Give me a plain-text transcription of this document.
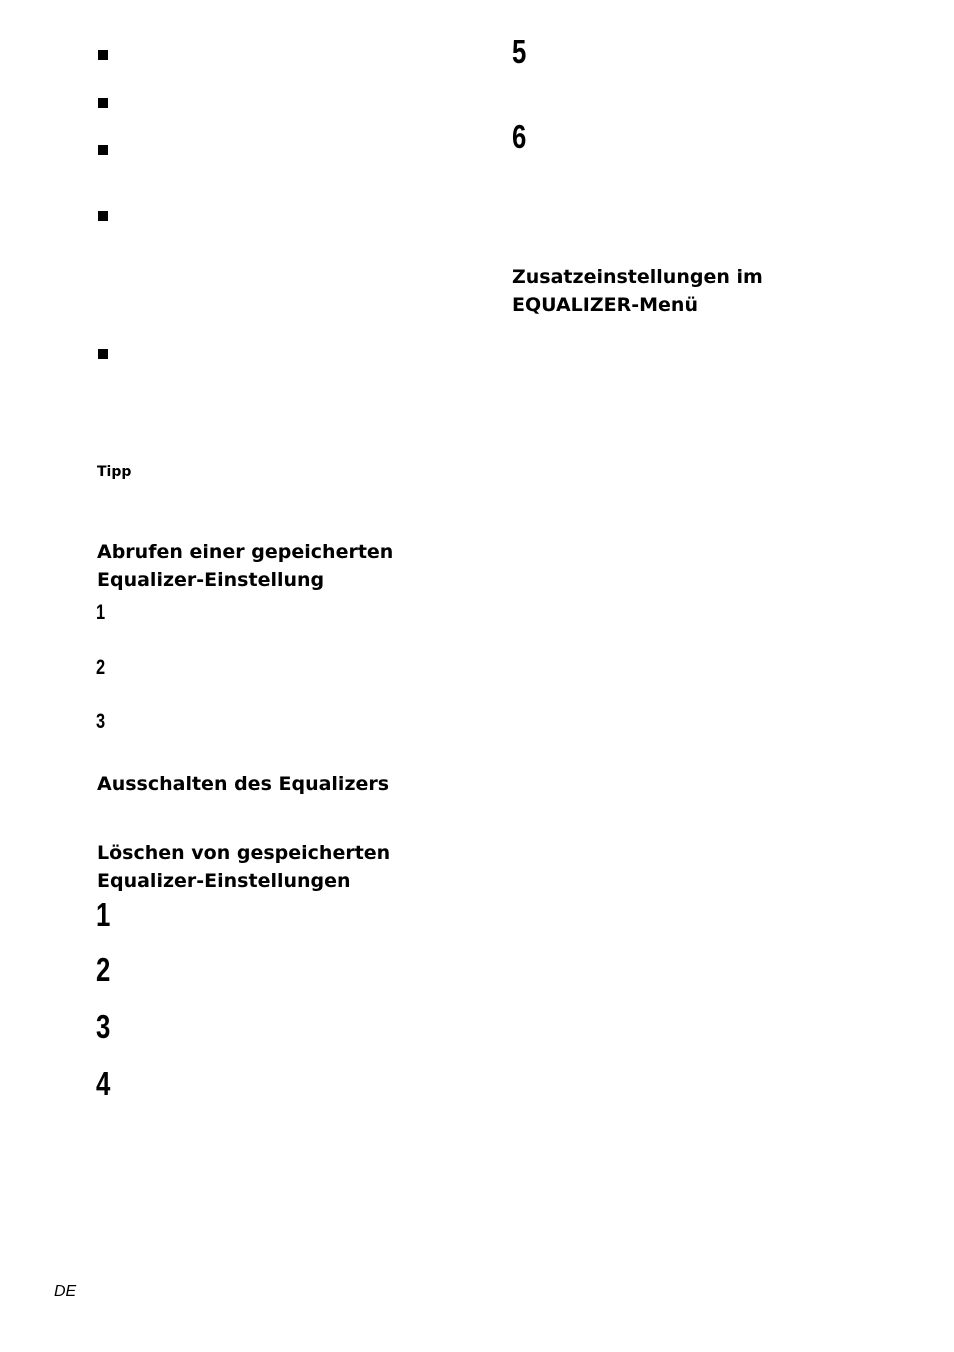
Tipp
Abrufen einer gepeicherten
Equalizer-Einstellung
1
2
3
Ausschalten des Equalizers
Löschen von gespeicherten
Equalizer-Einstellungen
1
2
3
4
5
6
Zusatzeinstellungen im
EQUALIZER-Menü
DE
